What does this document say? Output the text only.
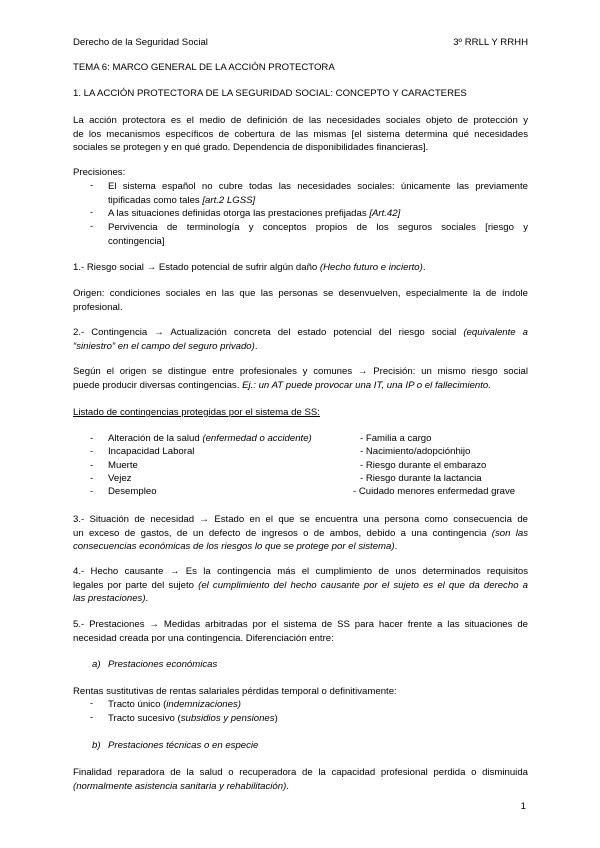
Derecho de la Seguridad Social	3º RRLL Y RRHH
TEMA 6: MARCO GENERAL DE LA ACCIÓN PROTECTORA
1. LA ACCIÓN PROTECTORA DE LA SEGURIDAD SOCIAL: CONCEPTO Y CARACTERES
La acción protectora es el medio de definición de las necesidades sociales objeto de protección y
de los mecanismos específicos de cobertura de las mismas [el sistema determina qué necesidades
sociales se protegen y en qué grado. Dependencia de disponibilidades financieras].
Precisiones:
- El sistema español no cubre todas las necesidades sociales: únicamente las previamente
tipificadas como tales [art.2 LGSS]
- A las situaciones definidas otorga las prestaciones prefijadas [Art.42]
- Pervivencia de terminología y conceptos propios de los seguros sociales [riesgo y
contingencia]
1.- Riesgo social → Estado potencial de sufrir algún daño (Hecho futuro e incierto).
Origen: condiciones sociales en las que las personas se desenvuelven, especialmente la de índole
profesional.
2.- Contingencia → Actualización concreta del estado potencial del riesgo social (equivalente a
“siniestro” en el campo del seguro privado).
Según el origen se distingue entre profesionales y comunes → Precisión: un mismo riesgo social
puede producir diversas contingencias. Ej.: un AT puede provocar una IT, una IP o el fallecimiento.
Listado de contingencias protegidas por el sistema de SS:
-
-
-
-
-
Alteración de la salud (enfermedad o accidente)
Incapacidad Laboral
Muerte
Vejez
Desempleo
- Familia a cargo
- Nacimiento/adopciónhijo
- Riesgo durante el embarazo
- Riesgo durante la lactancia
- Cuidado menores enfermedad grave
3.- Situación de necesidad → Estado en el que se encuentra una persona como consecuencia de
un exceso de gastos, de un defecto de ingresos o de ambos, debido a una contingencia (son las
consecuencias económicas de los riesgos lo que se protege por el sistema).
4.- Hecho causante → Es la contingencia más el cumplimiento de unos determinados requisitos
legales por parte del sujeto (el cumplimiento del hecho causante por el sujeto es el que da derecho a
las prestaciones).
5.- Prestaciones → Medidas arbitradas por el sistema de SS para hacer frente a las situaciones de
necesidad creada por una contingencia. Diferenciación entre:
a) Prestaciones económicas
Rentas sustitutivas de rentas salariales pérdidas temporal o definitivamente:
- Tracto único (indemnizaciones)
- Tracto sucesivo (subsidios y pensiones)
b) Prestaciones técnicas o en especie
Finalidad reparadora de la salud o recuperadora de la capacidad profesional perdida o disminuida
(normalmente asistencia sanitaria y rehabilitación).
1
